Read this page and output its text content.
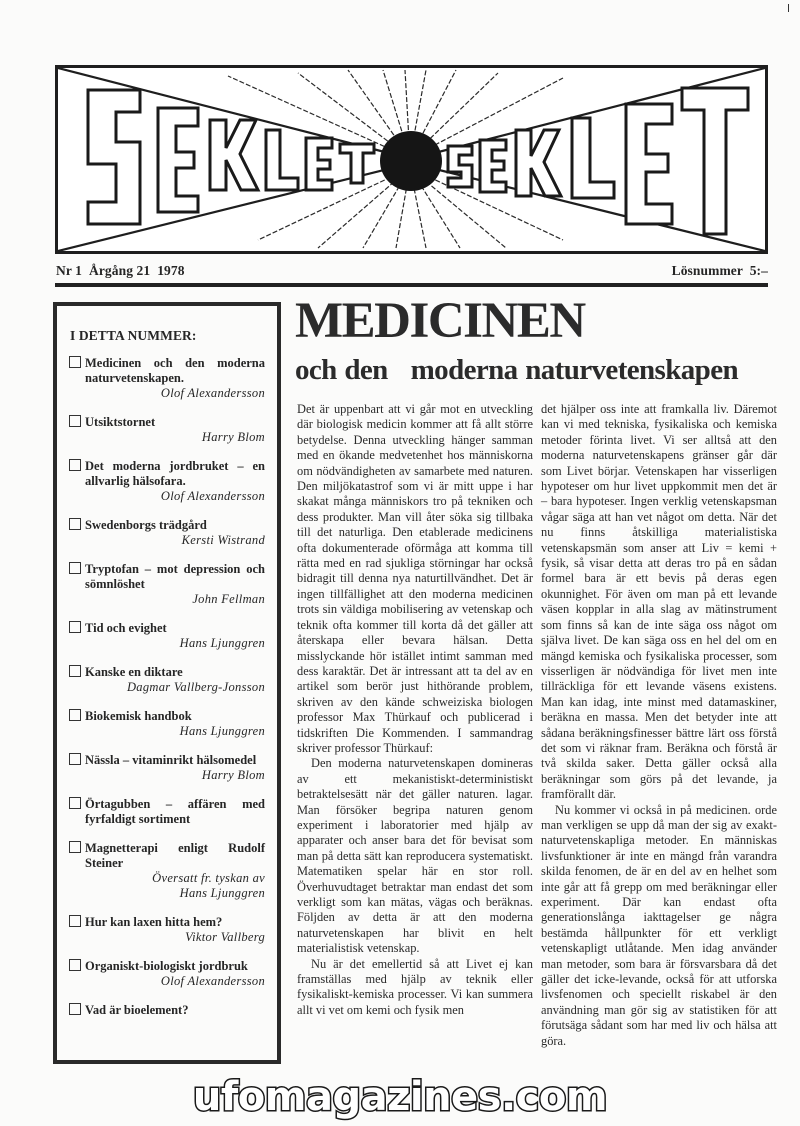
Nr 1  Årgång 21  1978	Lösnummer  5:–
I DETTA NUMMER:
Medicinen och den moderna naturvetenskapen.
Olof Alexandersson
Utsiktstornet
Harry Blom
Det moderna jordbruket – en allvarlig hälsofara.
Olof Alexandersson
Swedenborgs trädgård
Kersti Wistrand
Tryptofan – mot depression och sömnlöshet
John Fellman
Tid och evighet
Hans Ljunggren
Kanske en diktare
Dagmar Vallberg-Jonsson
Biokemisk handbok
Hans Ljunggren
Nässla – vitaminrikt hälsomedel
Harry Blom
Örtagubben – affären med fyrfaldigt sortiment
Magnetterapi enligt Rudolf Steiner
Översatt fr. tyskan av
Hans Ljunggren
Hur kan laxen hitta hem?
Viktor Vallberg
Organiskt-biologiskt jordbruk
Olof Alexandersson
Vad är bioelement?
MEDICINEN
och den   moderna naturvetenskapen

Det är uppenbart att vi går mot en utveckling där biologisk medicin kommer att få allt större betydelse. Denna utveckling hänger samman med en ökande medvetenhet hos människorna om nödvändigheten av samarbete med naturen. Den miljökatastrof som vi är mitt uppe i har skakat många människors tro på tekniken och dess produkter. Man vill åter söka sig tillbaka till det naturliga. Den etablerade medicinens ofta dokumenterade oförmåga att komma till rätta med en rad sjukliga störningar har också bidragit till denna nya naturtillvändhet. Det är ingen tillfällighet att den moderna medicinen trots sin väldiga mobilisering av vetenskap och teknik ofta kommer till korta då det gäller att återskapa eller bevara hälsan. Detta misslyckande hör istället intimt samman med dess karaktär. Det är intressant att ta del av en artikel som berör just hithörande problem, skriven av den kände schweiziska biologen professor Max Thürkauf och publicerad i tidskriften Die Kommenden. I sammandrag skriver professor Thürkauf:

Den moderna naturvetenskapen domineras av ett mekanistiskt-deterministiskt betraktelsesätt när det gäller naturen. lagar. Man försöker begripa naturen genom experiment i laboratorier med hjälp av apparater och anser bara det för bevisat som man på detta sätt kan reproducera systematiskt. Matematiken spelar här en stor roll. Överhuvudtaget betraktar man endast det som verkligt som kan mätas, vägas och beräknas. Följden av detta är att den moderna naturvetenskapen har blivit en helt materialistisk vetenskap.

Nu är det emellertid så att Livet ej kan framställas med hjälp av teknik eller fysikaliskt-kemiska processer. Vi kan summera allt vi vet om kemi och fysik men

det hjälper oss inte att framkalla liv. Däremot kan vi med tekniska, fysikaliska och kemiska metoder förinta livet. Vi ser alltså att den moderna naturvetenskapens gränser går där som Livet börjar. Vetenskapen har visserligen hypoteser om hur livet uppkommit men det är – bara hypoteser. Ingen verklig vetenskapsman vågar säga att han vet något om detta. När det nu finns åtskilliga materialistiska vetenskapsmän som anser att Liv = kemi + fysik, så visar detta att deras tro på en sådan formel bara är ett bevis på deras egen okunnighet. För även om man på ett levande väsen kopplar in alla slag av mätinstrument som finns så kan de inte säga oss något om själva livet. De kan säga oss en hel del om en mängd kemiska och fysikaliska processer, som visserligen är nödvändiga för livet men inte tillräckliga för ett levande väsens existens. Man kan idag, inte minst med datamaskiner, beräkna en massa. Men det betyder inte att sådana beräkningsfinesser bättre lärt oss förstå det som vi räknar fram. Beräkna och förstå är två skilda saker. Detta gäller också alla beräkningar som görs på det levande, ja framförallt där.

Nu kommer vi också in på medicinen. orde man verkligen se upp då man der sig av exakt-naturvetenskapliga metoder. En människas livsfunktioner är inte en mängd från varandra skilda fenomen, de är en del av en helhet som inte går att få grepp om med beräkningar eller experiment. Där kan endast ofta generationslånga iakttagelser ge några bestämda hållpunkter för ett verkligt vetenskapligt utlåtande. Men idag använder man metoder, som bara är försvarsbara då det gäller det icke-levande, också för att utforska livsfenomen och speciellt riskabel är den användning man gör sig av statistiken för att förutsäga sådant som har med liv och hälsa att göra.

ufomagazines.com
